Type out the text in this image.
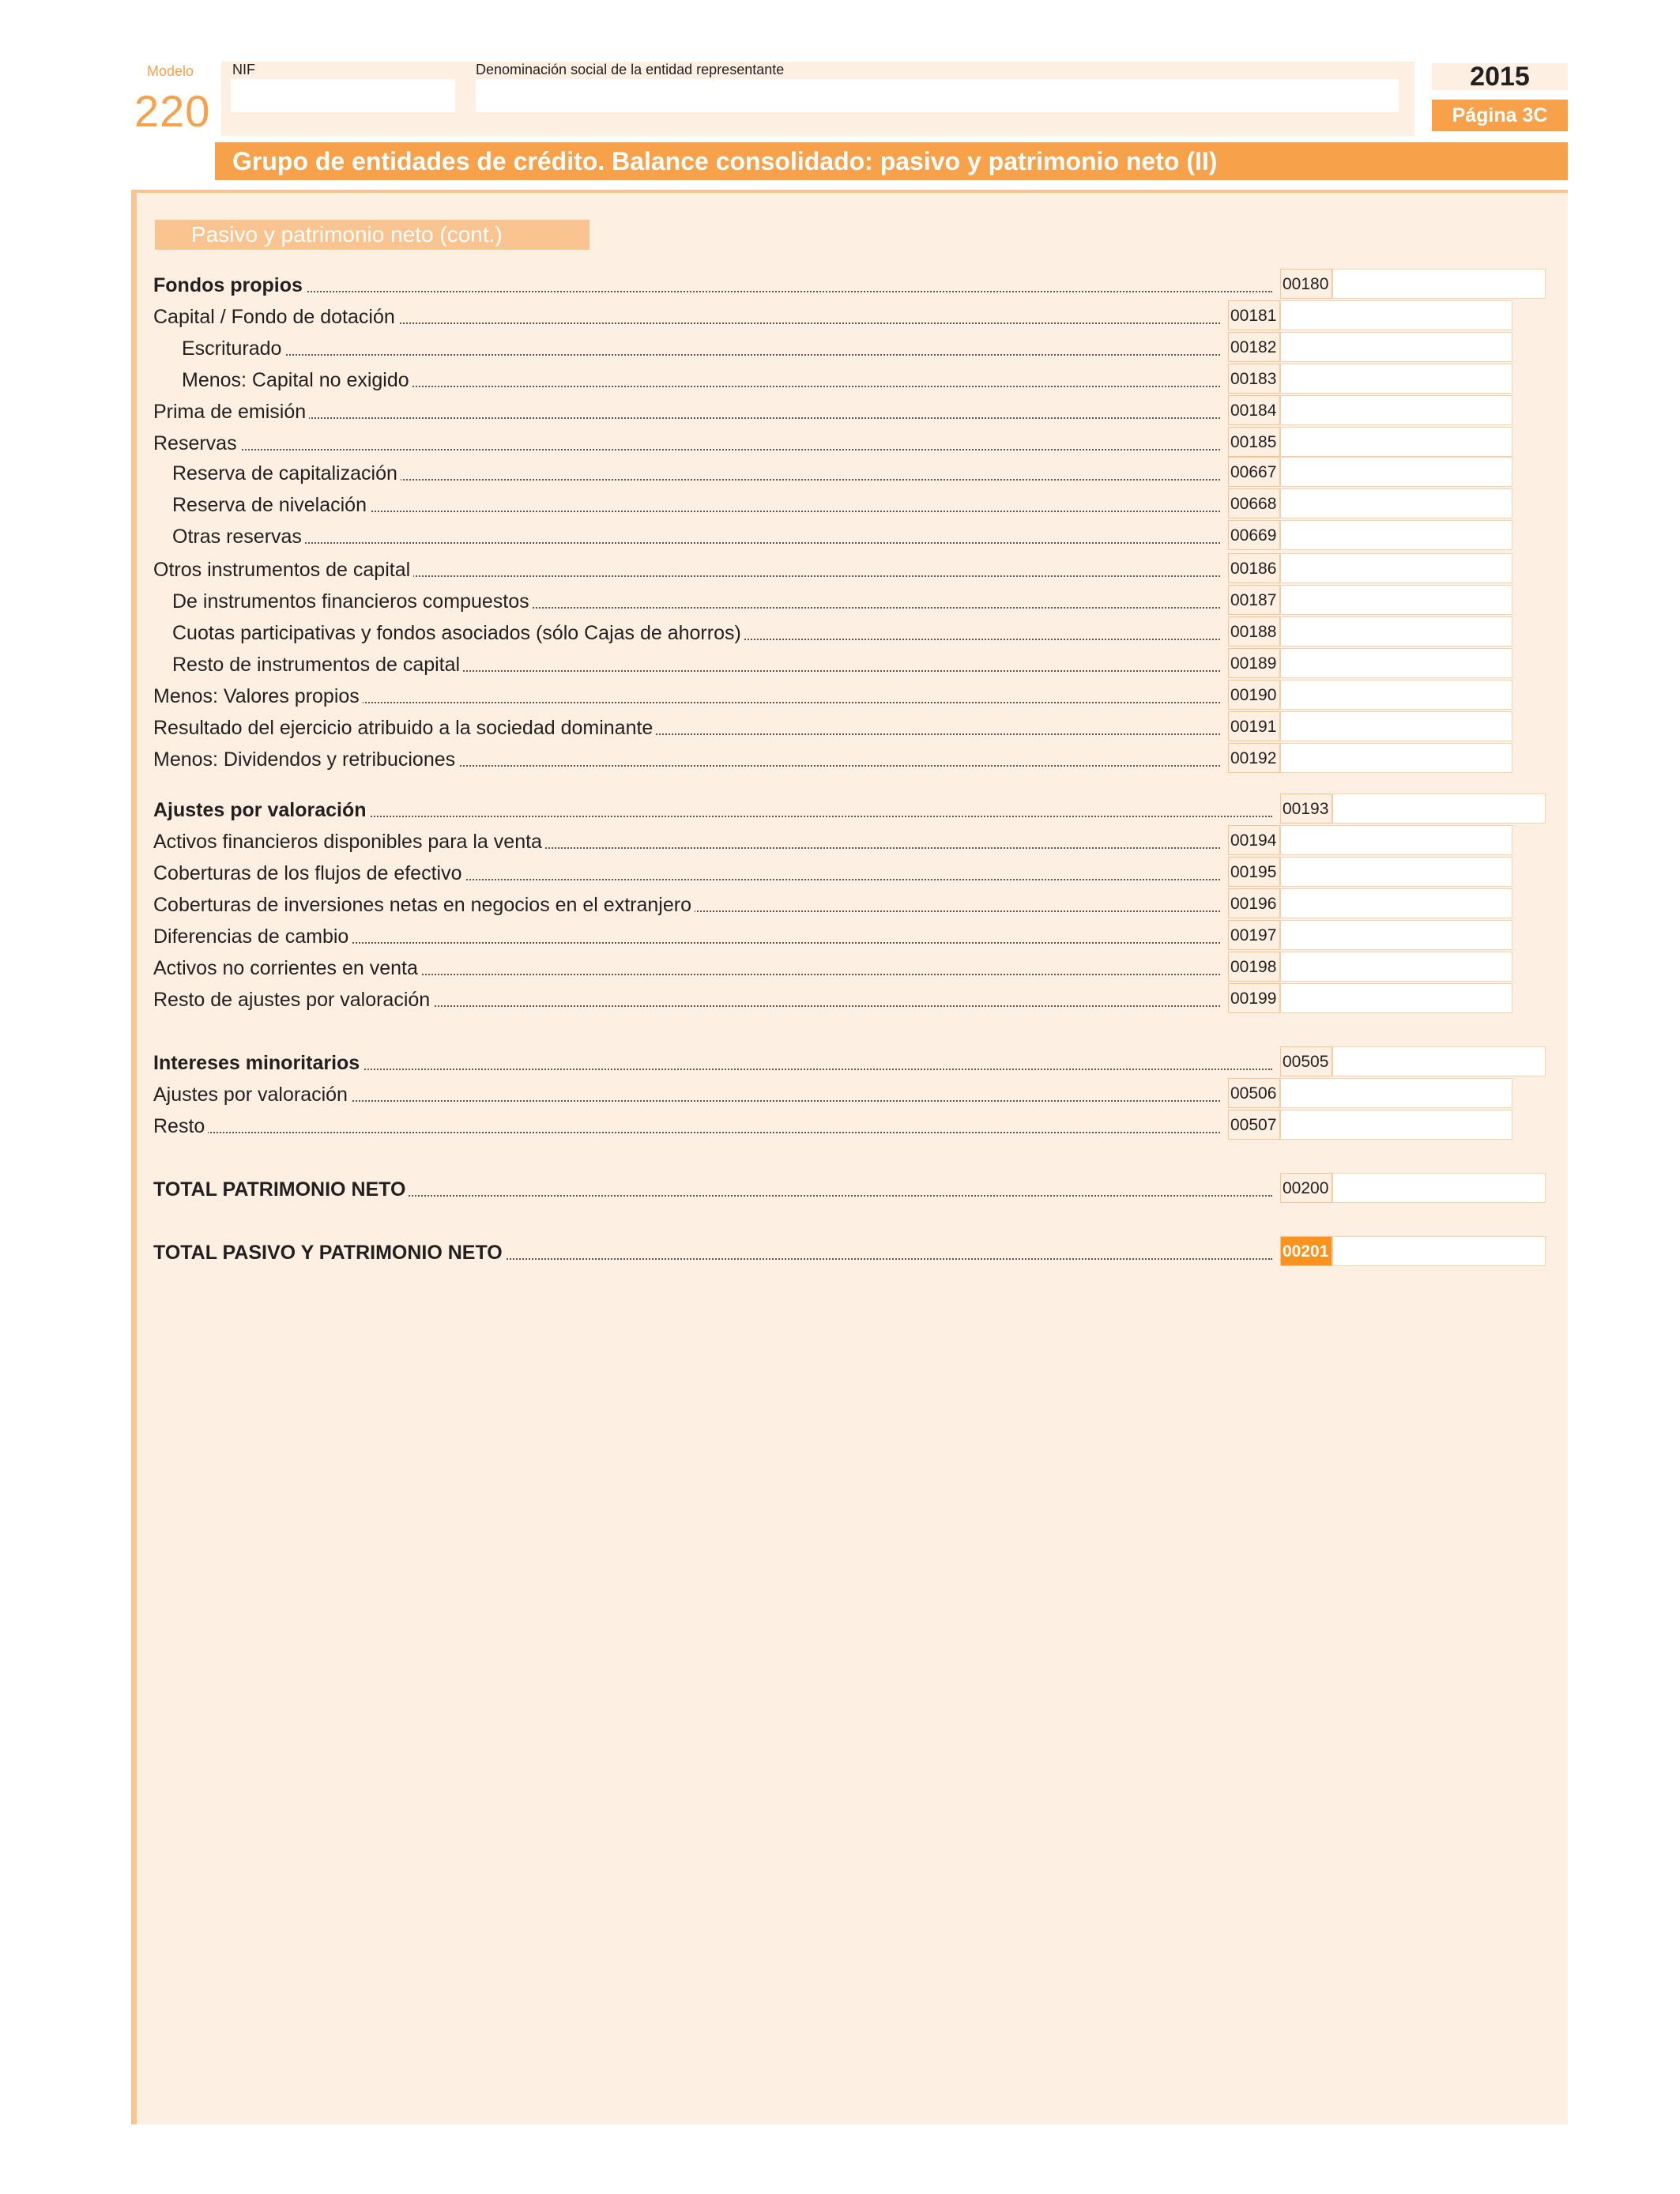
Modelo
220
NIF	Denominación social de la entidad representante	2015
Página 3C
Grupo de entidades de crédito. Balance consolidado: pasivo y patrimonio neto (II)
Pasivo y patrimonio neto (cont.)
Fondos propios	00180
Capital / Fondo de dotación	00181
Escriturado	00182
Menos: Capital no exigido	00183
Prima de emisión	00184
Reservas	00185
Reserva de capitalización	00667
Reserva de nivelación	00668
Otras reservas	00669
Otros instrumentos de capital	00186
De instrumentos financieros compuestos	00187
Cuotas participativas y fondos asociados (sólo Cajas de ahorros)	00188
Resto de instrumentos de capital	00189
Menos: Valores propios	00190
Resultado del ejercicio atribuido a la sociedad dominante	00191
Menos: Dividendos y retribuciones	00192
Ajustes por valoración	00193
Activos financieros disponibles para la venta	00194
Coberturas de los flujos de efectivo	00195
Coberturas de inversiones netas en negocios en el extranjero	00196
Diferencias de cambio	00197
Activos no corrientes en venta	00198
Resto de ajustes por valoración	00199
Intereses minoritarios	00505
Ajustes por valoración	00506
Resto	00507
TOTAL PATRIMONIO NETO	00200
TOTAL PASIVO Y PATRIMONIO NETO	00201
